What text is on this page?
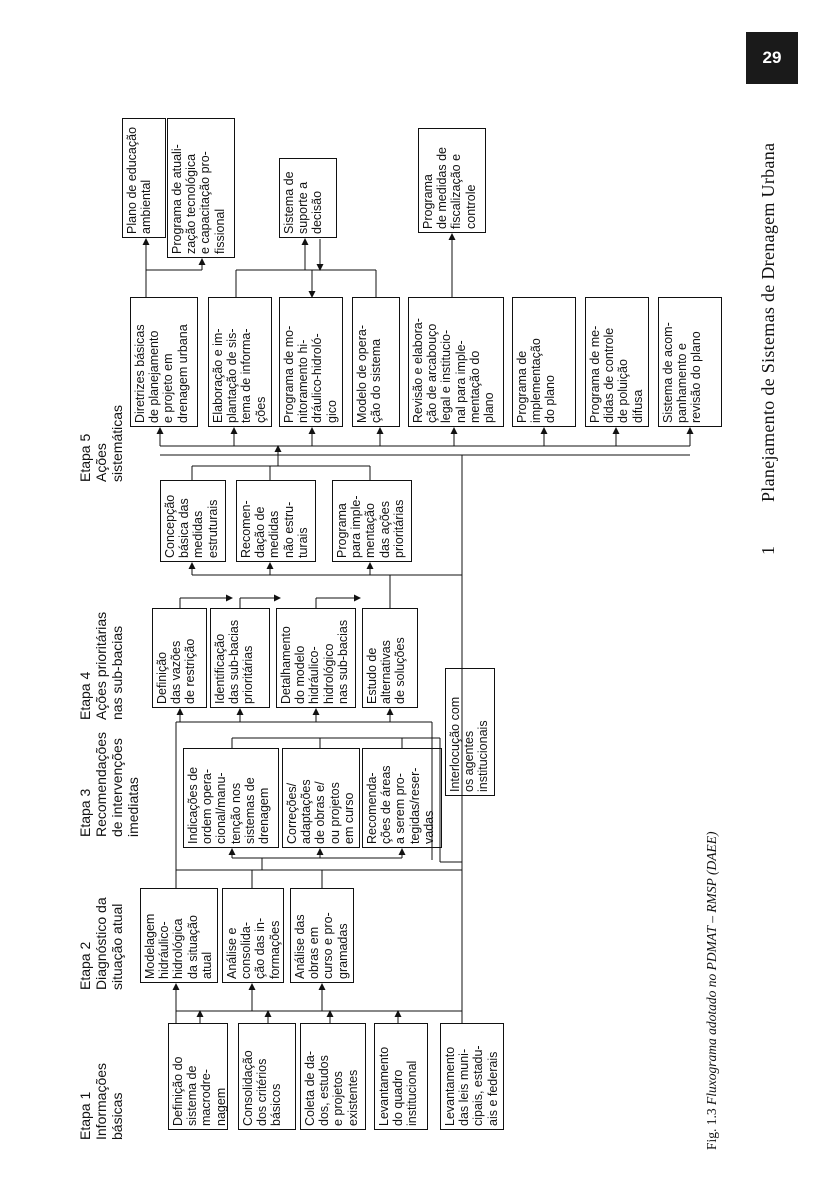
29
1
Planejamento de Sistemas de Drenagem Urbana
Fig. 1.3 Fluxograma adotado no PDMAT – RMSP (DAEE)
Etapa 1
Informações
básicas
Etapa 2
Diagnóstico da
situação atual
Etapa 3
Recomendações
de intervenções
imediatas
Etapa 4
Ações prioritárias
nas sub-bacias
Etapa 5
Ações
sistemáticas
Definição do
sistema de
macrodre-
nagem Consolidação
dos critérios
básicos	Coleta de da-
dos, estudos
e projetos
existentes	Levantamento
do quadro
institucional	Levantamento
das leis muni-
cipais, estadu-
ais e federais
Modelagem
hidráulico-
hidrológica
da situação
atual Análise e
consolida-
ção das in-
formações Análise das
obras em
curso e pro-
gramadas
Indicações de
ordem opera-
cional/manu-
tenção nos
sistemas de
drenagem	Correções/
adaptações
de obras e/
ou projetos
em curso Recomenda-
ções de áreas
a serem pro-
tegidas/reser-
vadas
Interlocução com
os agentes
institucionais
Definição
das vazões
de restrição	Identificação
das sub-bacias
prioritárias	Detalhamento
do modelo
hidráulico-
hidrológico
nas sub-bacias
Estudo de
alternativas
de soluções
Concepção
básica das
medidas
estruturais	Recomen-
dação de
medidas
não estru-
turais	Programa
para imple-
mentação
das ações
prioritárias
Diretrizes básicas
de planejamento
e projeto em
drenagem urbana
Elaboração e im-
plantação de sis-
tema de informa-
ções	Programa de mo-
nitoramento hi-
dráulico-hidroló-
gico	Modelo de opera-
ção do sistema
Revisão e elabora-
ção de arcabouço
legal e institucio-
nal para imple-
mentação do
plano	Programa de
implementação
do plano	Programa de me-
didas de controle
de poluição
difusa	Sistema de acom-
panhamento e
revisão do plano
Plano de educação
ambiental	Programa de atuali-
zação tecnológica
e capacitação pro-
fissional	Sistema de
suporte a
decisão	Programa
de medidas de
fiscalização e
controle
